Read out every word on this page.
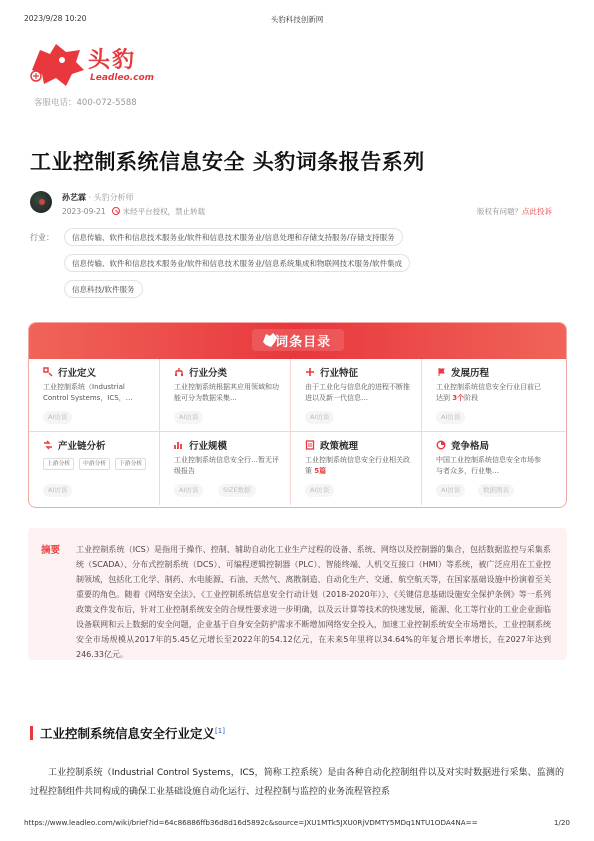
2023/9/28 10:20	头豹科技创新网
头豹
Leadleo.com
客服电话：400-072-5588
工业控制系统信息安全 头豹词条报告系列
孙艺霖 · 头豹分析师
2023-09-21 未经平台授权，禁止转载	版权有问题？点此投诉
行业：	信息传输、软件和信息技术服务业/软件和信息技术服务业/信息处理和存储支持服务/存储支持服务
信息传输、软件和信息技术服务业/软件和信息技术服务业/信息系统集成和物联网技术服务/软件集成
信息科技/软件服务
词条目录
行业定义
工业控制系统（Industrial Control Systems，ICS，…
AI访谈
行业分类
工业控制系统根据其应用领域和功能可分为数据采集…
AI访谈
行业特征
由于工业化与信息化的进程不断推进以及新一代信息…
AI访谈
发展历程
工业控制系统信息安全行业目前已达到 3个阶段
AI访谈
产业链分析
上游分析	中游分析	下游分析
AI访谈
行业规模
工业控制系统信息安全行…暂无评级报告
AI访谈	SIZE数据
政策梳理
工业控制系统信息安全行业相关政策 5篇
AI访谈
竞争格局
中国工业控制系统信息安全市场参与者众多，行业集…
AI访谈	数据图表
摘要 工业控制系统（ICS）是指用于操作、控制、辅助自动化工业生产过程的设备、系统、网络以及控制器的集合，包括数据监控与采集系统（SCADA）、分布式控制系统（DCS）、可编程逻辑控制器（PLC）、智能终端、人机交互接口（HMI）等系统，被广泛应用在工业控制领域，包括化工化学、制药、水电能源、石油、天然气、离散制造、自动化生产、交通、航空航天等，在国家基础设施中扮演着至关重要的角色。随着《网络安全法》、《工业控制系统信息安全行动计划（2018-2020年）》、《关键信息基础设施安全保护条例》等一系列政策文件发布后，针对工业控制系统安全的合规性要求进一步明确，以及云计算等技术的快速发展，能源、化工等行业的工业企业面临设备联网和云上数据的安全问题，企业基于自身安全防护需求不断增加网络安全投入，加速工业控制系统安全市场增长，工业控制系统安全市场规模从2017年的5.45亿元增长至2022年的54.12亿元，在未来5年里将以34.64%的年复合增长率增长，在2027年达到246.33亿元。

工业控制系统信息安全行业定义[1]

工业控制系统（Industrial Control Systems，ICS，简称工控系统）是由各种自动化控制组件以及对实时数据进行采集、监测的过程控制组件共同构成的确保工业基础设施自动化运行、过程控制与监控的业务流程管控系

https://www.leadleo.com/wiki/brief?id=64c86886ffb36d8d16d5892c&source=JXU1MTk5JXU0RjVDMTY5MDq1NTU1ODA4NA==	1/20
